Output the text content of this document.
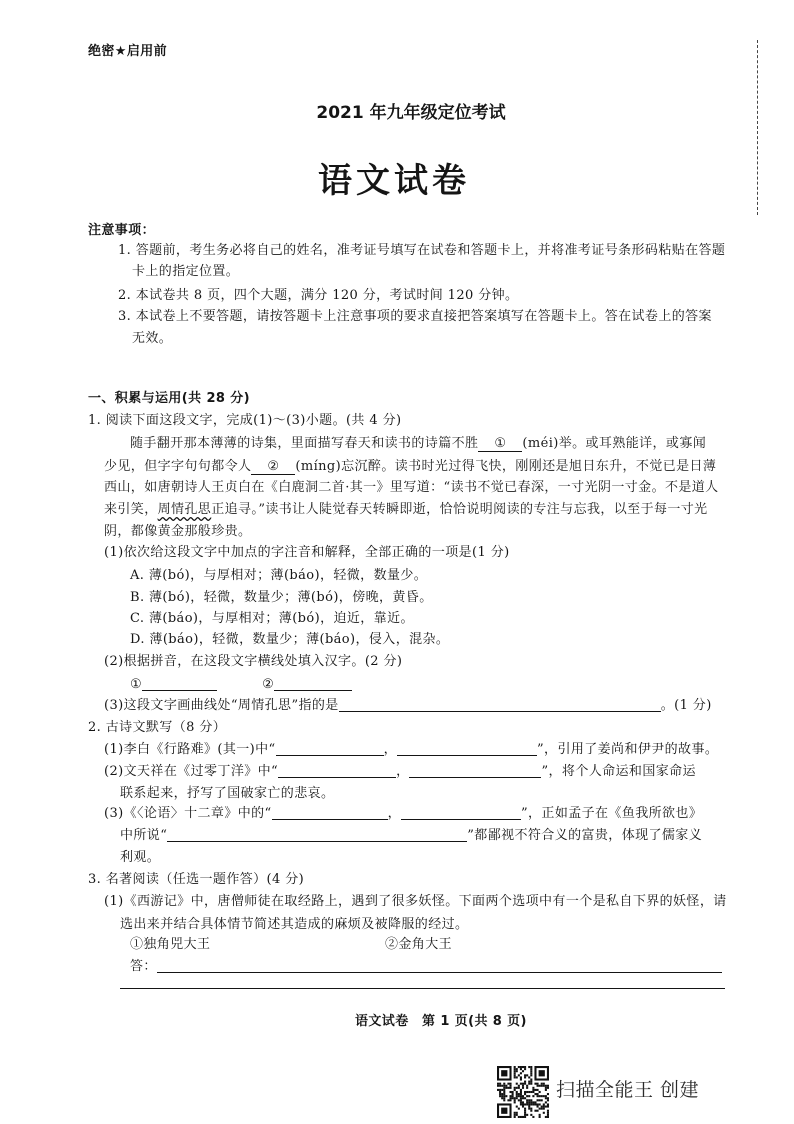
绝密★启用前
2021 年九年级定位考试
语文试卷
注意事项：
1. 答题前，考生务必将自己的姓名，准考证号填写在试卷和答题卡上，并将准考证号条形码粘贴在答题
卡上的指定位置。
2. 本试卷共 8 页，四个大题，满分 120 分，考试时间 120 分钟。
3. 本试卷上不要答题，请按答题卡上注意事项的要求直接把答案填写在答题卡上。答在试卷上的答案
无效。
一、积累与运用(共 28 分)
1. 阅读下面这段文字，完成(1)～(3)小题。(共 4 分)
随手翻开那本薄薄的诗集，里面描写春天和读书的诗篇不胜 ① (méi)举。或耳熟能详，或寡闻
少见，但字字句句都令人 ② (míng)忘沉醉。读书时光过得飞快，刚刚还是旭日东升，不觉已是日薄
西山，如唐朝诗人王贞白在《白鹿洞二首·其一》里写道：“读书不觉已春深，一寸光阴一寸金。不是道人
来引笑，周情孔思正追寻。”读书让人陡觉春天转瞬即逝，恰恰说明阅读的专注与忘我，以至于每一寸光
阴，都像黄金那般珍贵。
(1)依次给这段文字中加点的字注音和解释，全部正确的一项是(1 分)
A. 薄(bó)，与厚相对；薄(báo)，轻微，数量少。
B. 薄(bó)，轻微，数量少；薄(bó)，傍晚，黄昏。
C. 薄(báo)，与厚相对；薄(bó)，迫近，靠近。
D. 薄(báo)，轻微，数量少；薄(báo)，侵入，混杂。
(2)根据拼音，在这段文字横线处填入汉字。(2 分)
①	②
(3)这段文字画曲线处“周情孔思”指的是	。(1 分)
2. 古诗文默写（8 分）
(1)李白《行路难》(其一)中“	，	”，引用了姜尚和伊尹的故事。
(2)文天祥在《过零丁洋》中“	，	”，将个人命运和国家命运
联系起来，抒写了国破家亡的悲哀。
(3)《〈论语〉十二章》中的“	，	”，正如孟子在《鱼我所欲也》
中所说“	”都鄙视不符合义的富贵，体现了儒家义
利观。
3. 名著阅读（任选一题作答）(4 分)
(1)《西游记》中，唐僧师徒在取经路上，遇到了很多妖怪。下面两个选项中有一个是私自下界的妖怪，请
选出来并结合具体情节简述其造成的麻烦及被降服的经过。
①独角兕大王	②金角大王
答：
语文试卷　第 1 页(共 8 页)
扫描全能王 创建
